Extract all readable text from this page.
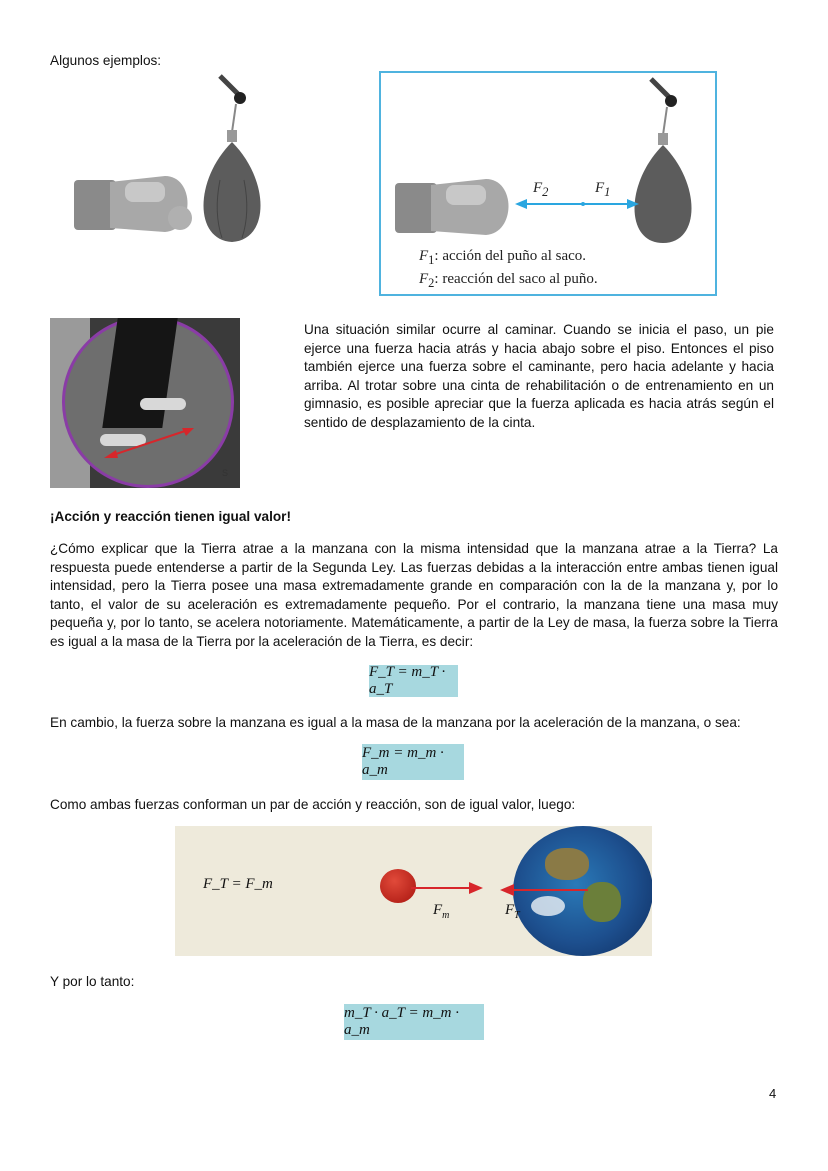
Algunos ejemplos:
$F_2$	$F_1$
$F_1$: acción del puño al saco.
$F_2$: reacción del saco al puño.
S

Una situación similar ocurre al caminar. Cuando se inicia el paso, un pie ejerce una fuerza hacia atrás y hacia abajo sobre el piso. Entonces el piso también ejerce una fuerza sobre el caminante, pero hacia adelante y hacia arriba. Al trotar sobre una cinta de rehabilitación o de entrenamiento en un gimnasio, es posible apreciar que la fuerza aplicada es hacia atrás según el sentido de desplazamiento de la cinta.

¡Acción y reacción tienen igual valor!

¿Cómo explicar que la Tierra atrae a la manzana con la misma intensidad que la manzana atrae a la Tierra? La respuesta puede entenderse a partir de la Segunda Ley. Las fuerzas debidas a la interacción entre ambas tienen igual intensidad, pero la Tierra posee una masa extremadamente grande en comparación con la de la manzana y, por lo tanto, el valor de su aceleración es extremadamente pequeño. Por el contrario, la manzana tiene una masa muy pequeña y, por lo tanto, se acelera notoriamente. Matemáticamente, a partir de la Ley de masa, la fuerza sobre la Tierra es igual a la masa de la Tierra por la aceleración de la Tierra, es decir:

F_T = m_T · a_T

En cambio, la fuerza sobre la manzana es igual a la masa de la manzana por la aceleración de la manzana, o sea:

F_m = m_m · a_m

Como ambas fuerzas conforman un par de acción y reacción, son de igual valor, luego:

F_T = F_m
$F_m$	$F_T$
Y por lo tanto:
m_T · a_T = m_m · a_m
4
